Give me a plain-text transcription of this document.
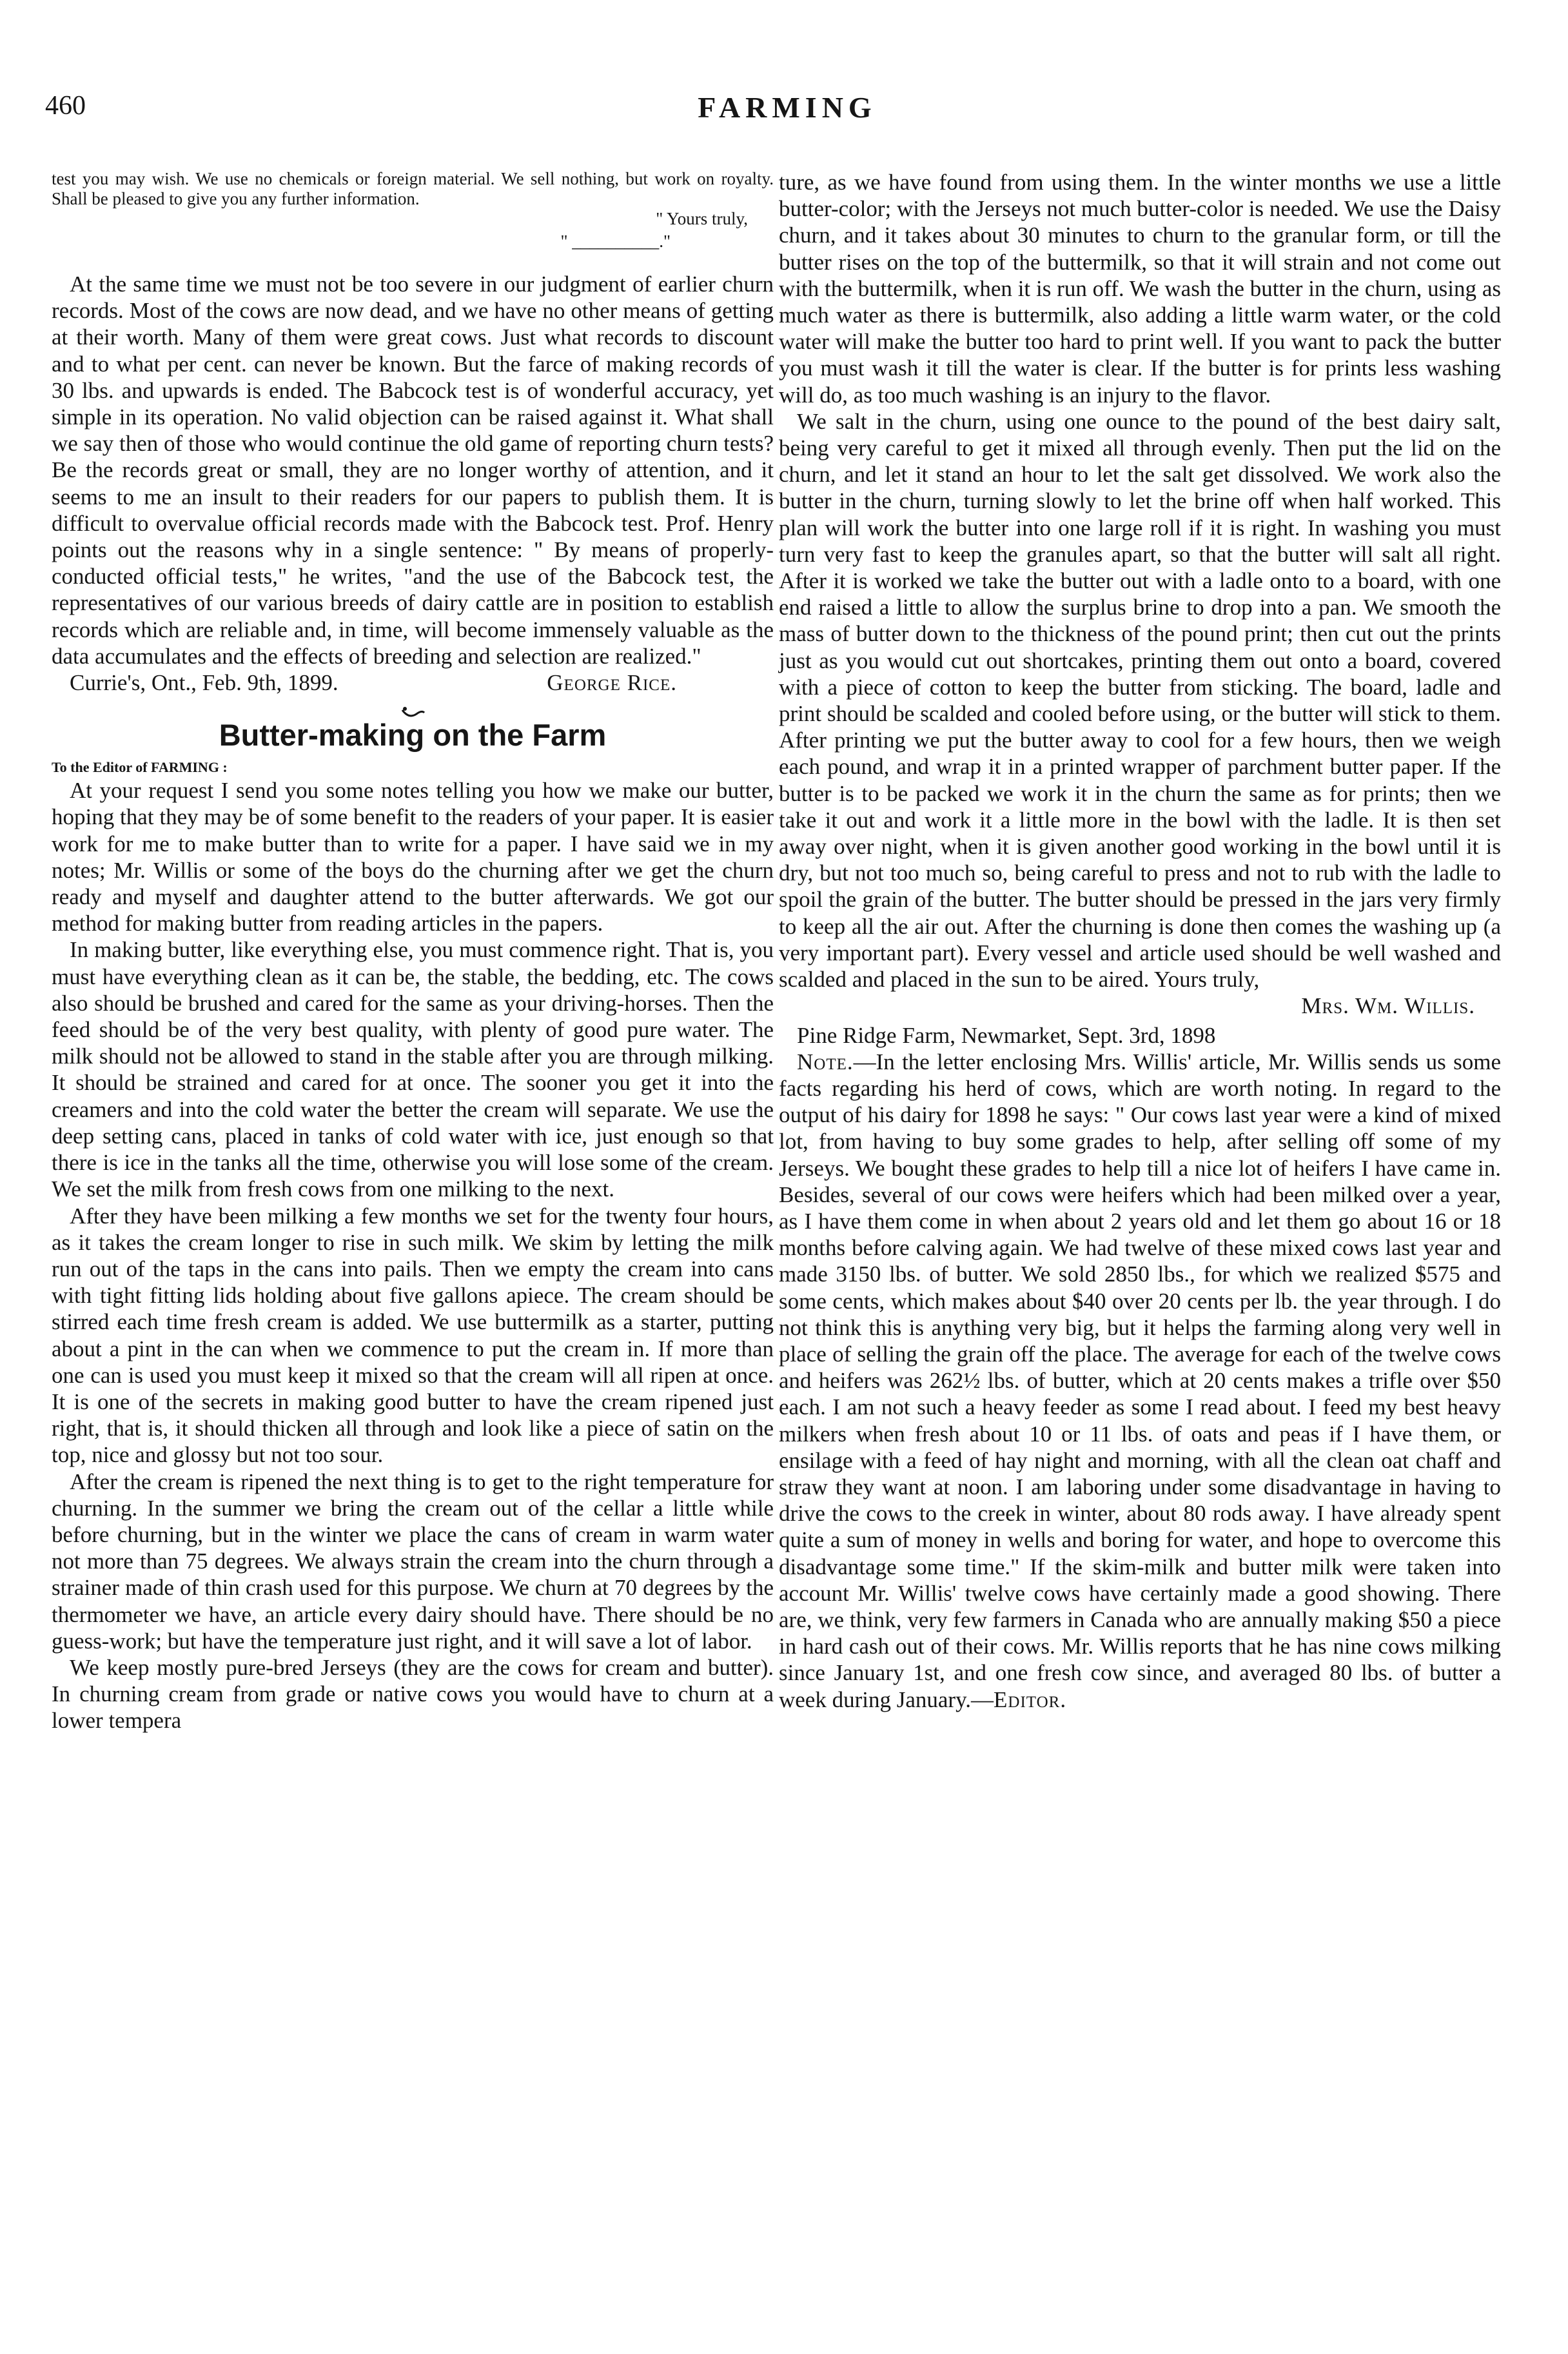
460	FARMING

test you may wish. We use no chemicals or foreign material. We sell nothing, but work on royalty. Shall be pleased to give you any further information.

" Yours truly,

" __________."

At the same time we must not be too severe in our judgment of earlier churn records. Most of the cows are now dead, and we have no other means of getting at their worth. Many of them were great cows. Just what records to discount and to what per cent. can never be known. But the farce of making records of 30 lbs. and upwards is ended. The Babcock test is of wonderful accuracy, yet simple in its operation. No valid objection can be raised against it. What shall we say then of those who would continue the old game of reporting churn tests? Be the records great or small, they are no longer worthy of attention, and it seems to me an insult to their readers for our papers to publish them. It is difficult to overvalue official records made with the Babcock test. Prof. Henry points out the reasons why in a single sentence: " By means of properly-conducted official tests," he writes, "and the use of the Babcock test, the representatives of our various breeds of dairy cattle are in position to establish records which are reliable and, in time, will become immensely valuable as the data accumulates and the effects of breeding and selection are realized."

Currie's, Ont., Feb. 9th, 1899.	George Rice.

Butter-making on the Farm

To the Editor of FARMING :

At your request I send you some notes telling you how we make our butter, hoping that they may be of some benefit to the readers of your paper. It is easier work for me to make butter than to write for a paper. I have said we in my notes; Mr. Willis or some of the boys do the churning after we get the churn ready and myself and daughter attend to the butter afterwards. We got our method for making butter from reading articles in the papers.

In making butter, like everything else, you must commence right. That is, you must have everything clean as it can be, the stable, the bedding, etc. The cows also should be brushed and cared for the same as your driving-horses. Then the feed should be of the very best quality, with plenty of good pure water. The milk should not be allowed to stand in the stable after you are through milking. It should be strained and cared for at once. The sooner you get it into the creamers and into the cold water the better the cream will separate. We use the deep setting cans, placed in tanks of cold water with ice, just enough so that there is ice in the tanks all the time, otherwise you will lose some of the cream. We set the milk from fresh cows from one milking to the next.

After they have been milking a few months we set for the twenty four hours, as it takes the cream longer to rise in such milk. We skim by letting the milk run out of the taps in the cans into pails. Then we empty the cream into cans with tight fitting lids holding about five gallons apiece. The cream should be stirred each time fresh cream is added. We use buttermilk as a starter, putting about a pint in the can when we commence to put the cream in. If more than one can is used you must keep it mixed so that the cream will all ripen at once. It is one of the secrets in making good butter to have the cream ripened just right, that is, it should thicken all through and look like a piece of satin on the top, nice and glossy but not too sour.

After the cream is ripened the next thing is to get to the right temperature for churning. In the summer we bring the cream out of the cellar a little while before churning, but in the winter we place the cans of cream in warm water not more than 75 degrees. We always strain the cream into the churn through a strainer made of thin crash used for this purpose. We churn at 70 degrees by the thermometer we have, an article every dairy should have. There should be no guess-work; but have the temperature just right, and it will save a lot of labor.

We keep mostly pure-bred Jerseys (they are the cows for cream and butter). In churning cream from grade or native cows you would have to churn at a lower tempera

ture, as we have found from using them. In the winter months we use a little butter-color; with the Jerseys not much butter-color is needed. We use the Daisy churn, and it takes about 30 minutes to churn to the granular form, or till the butter rises on the top of the buttermilk, so that it will strain and not come out with the buttermilk, when it is run off. We wash the butter in the churn, using as much water as there is buttermilk, also adding a little warm water, or the cold water will make the butter too hard to print well. If you want to pack the butter you must wash it till the water is clear. If the butter is for prints less washing will do, as too much washing is an injury to the flavor.

We salt in the churn, using one ounce to the pound of the best dairy salt, being very careful to get it mixed all through evenly. Then put the lid on the churn, and let it stand an hour to let the salt get dissolved. We work also the butter in the churn, turning slowly to let the brine off when half worked. This plan will work the butter into one large roll if it is right. In washing you must turn very fast to keep the granules apart, so that the butter will salt all right. After it is worked we take the butter out with a ladle onto to a board, with one end raised a little to allow the surplus brine to drop into a pan. We smooth the mass of butter down to the thickness of the pound print; then cut out the prints just as you would cut out shortcakes, printing them out onto a board, covered with a piece of cotton to keep the butter from sticking. The board, ladle and print should be scalded and cooled before using, or the butter will stick to them. After printing we put the butter away to cool for a few hours, then we weigh each pound, and wrap it in a printed wrapper of parchment butter paper. If the butter is to be packed we work it in the churn the same as for prints; then we take it out and work it a little more in the bowl with the ladle. It is then set away over night, when it is given another good working in the bowl until it is dry, but not too much so, being careful to press and not to rub with the ladle to spoil the grain of the butter. The butter should be pressed in the jars very firmly to keep all the air out. After the churning is done then comes the washing up (a very important part). Every vessel and article used should be well washed and scalded and placed in the sun to be aired. Yours truly,

Mrs. Wm. Willis.

Pine Ridge Farm, Newmarket, Sept. 3rd, 1898

Note.—In the letter enclosing Mrs. Willis' article, Mr. Willis sends us some facts regarding his herd of cows, which are worth noting. In regard to the output of his dairy for 1898 he says: " Our cows last year were a kind of mixed lot, from having to buy some grades to help, after selling off some of my Jerseys. We bought these grades to help till a nice lot of heifers I have came in. Besides, several of our cows were heifers which had been milked over a year, as I have them come in when about 2 years old and let them go about 16 or 18 months before calving again. We had twelve of these mixed cows last year and made 3150 lbs. of butter. We sold 2850 lbs., for which we realized $575 and some cents, which makes about $40 over 20 cents per lb. the year through. I do not think this is anything very big, but it helps the farming along very well in place of selling the grain off the place. The average for each of the twelve cows and heifers was 262½ lbs. of butter, which at 20 cents makes a trifle over $50 each. I am not such a heavy feeder as some I read about. I feed my best heavy milkers when fresh about 10 or 11 lbs. of oats and peas if I have them, or ensilage with a feed of hay night and morning, with all the clean oat chaff and straw they want at noon. I am laboring under some disadvantage in having to drive the cows to the creek in winter, about 80 rods away. I have already spent quite a sum of money in wells and boring for water, and hope to overcome this disadvantage some time." If the skim-milk and butter milk were taken into account Mr. Willis' twelve cows have certainly made a good showing. There are, we think, very few farmers in Canada who are annually making $50 a piece in hard cash out of their cows. Mr. Willis reports that he has nine cows milking since January 1st, and one fresh cow since, and averaged 80 lbs. of butter a week during January.—Editor.
